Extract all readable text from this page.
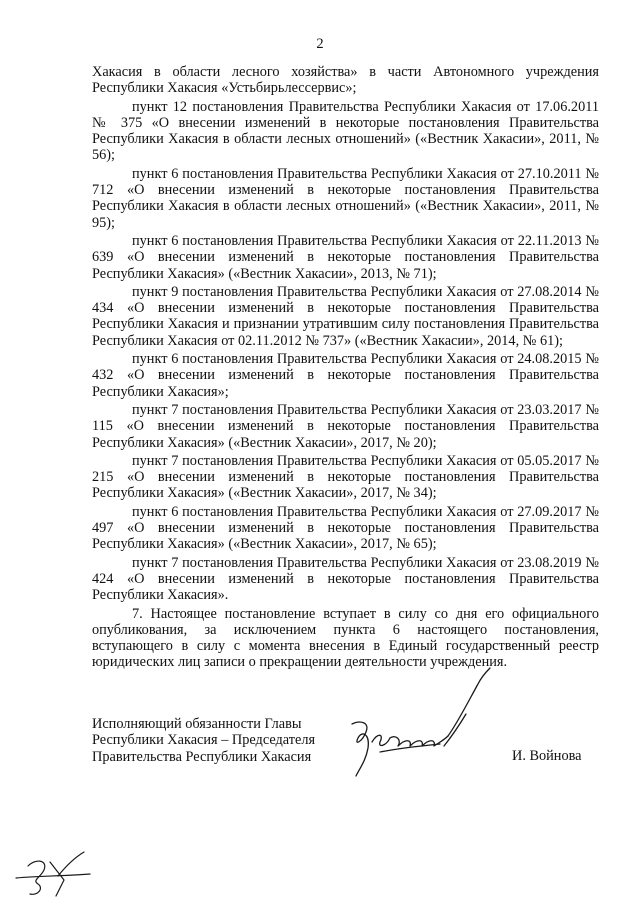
2

Хакасия в области лесного хозяйства» в части Автономного учреждения Республики Хакасия «Устьбирьлессервис»;

пункт 12 постановления Правительства Республики Хакасия от 17.06.2011 № 375 «О внесении изменений в некоторые постановления Правительства Республики Хакасия в области лесных отношений» («Вестник Хакасии», 2011, № 56);

пункт 6 постановления Правительства Республики Хакасия от 27.10.2011 № 712 «О внесении изменений в некоторые постановления Правительства Республики Хакасия в области лесных отношений» («Вестник Хакасии», 2011, № 95);

пункт 6 постановления Правительства Республики Хакасия от 22.11.2013 № 639 «О внесении изменений в некоторые постановления Правительства Республики Хакасия» («Вестник Хакасии», 2013, № 71);

пункт 9 постановления Правительства Республики Хакасия от 27.08.2014 № 434 «О внесении изменений в некоторые постановления Правительства Республики Хакасия и признании утратившим силу постановления Правительства Республики Хакасия от 02.11.2012 № 737» («Вестник Хакасии», 2014, № 61);

пункт 6 постановления Правительства Республики Хакасия от 24.08.2015 № 432 «О внесении изменений в некоторые постановления Правительства Республики Хакасия»;

пункт 7 постановления Правительства Республики Хакасия от 23.03.2017 № 115 «О внесении изменений в некоторые постановления Правительства Республики Хакасия» («Вестник Хакасии», 2017, № 20);

пункт 7 постановления Правительства Республики Хакасия от 05.05.2017 № 215 «О внесении изменений в некоторые постановления Правительства Республики Хакасия» («Вестник Хакасии», 2017, № 34);

пункт 6 постановления Правительства Республики Хакасия от 27.09.2017 № 497 «О внесении изменений в некоторые постановления Правительства Республики Хакасия» («Вестник Хакасии», 2017, № 65);

пункт 7 постановления Правительства Республики Хакасия от 23.08.2019 № 424 «О внесении изменений в некоторые постановления Правительства Республики Хакасия».

7. Настоящее постановление вступает в силу со дня его официального опубликования, за исключением пункта 6 настоящего постановления, вступающего в силу с момента внесения в Единый государственный реестр юридических лиц записи о прекращении деятельности учреждения.

Исполняющий обязанности Главы
Республики Хакасия – Председателя
Правительства Республики Хакасия	И. Войнова
